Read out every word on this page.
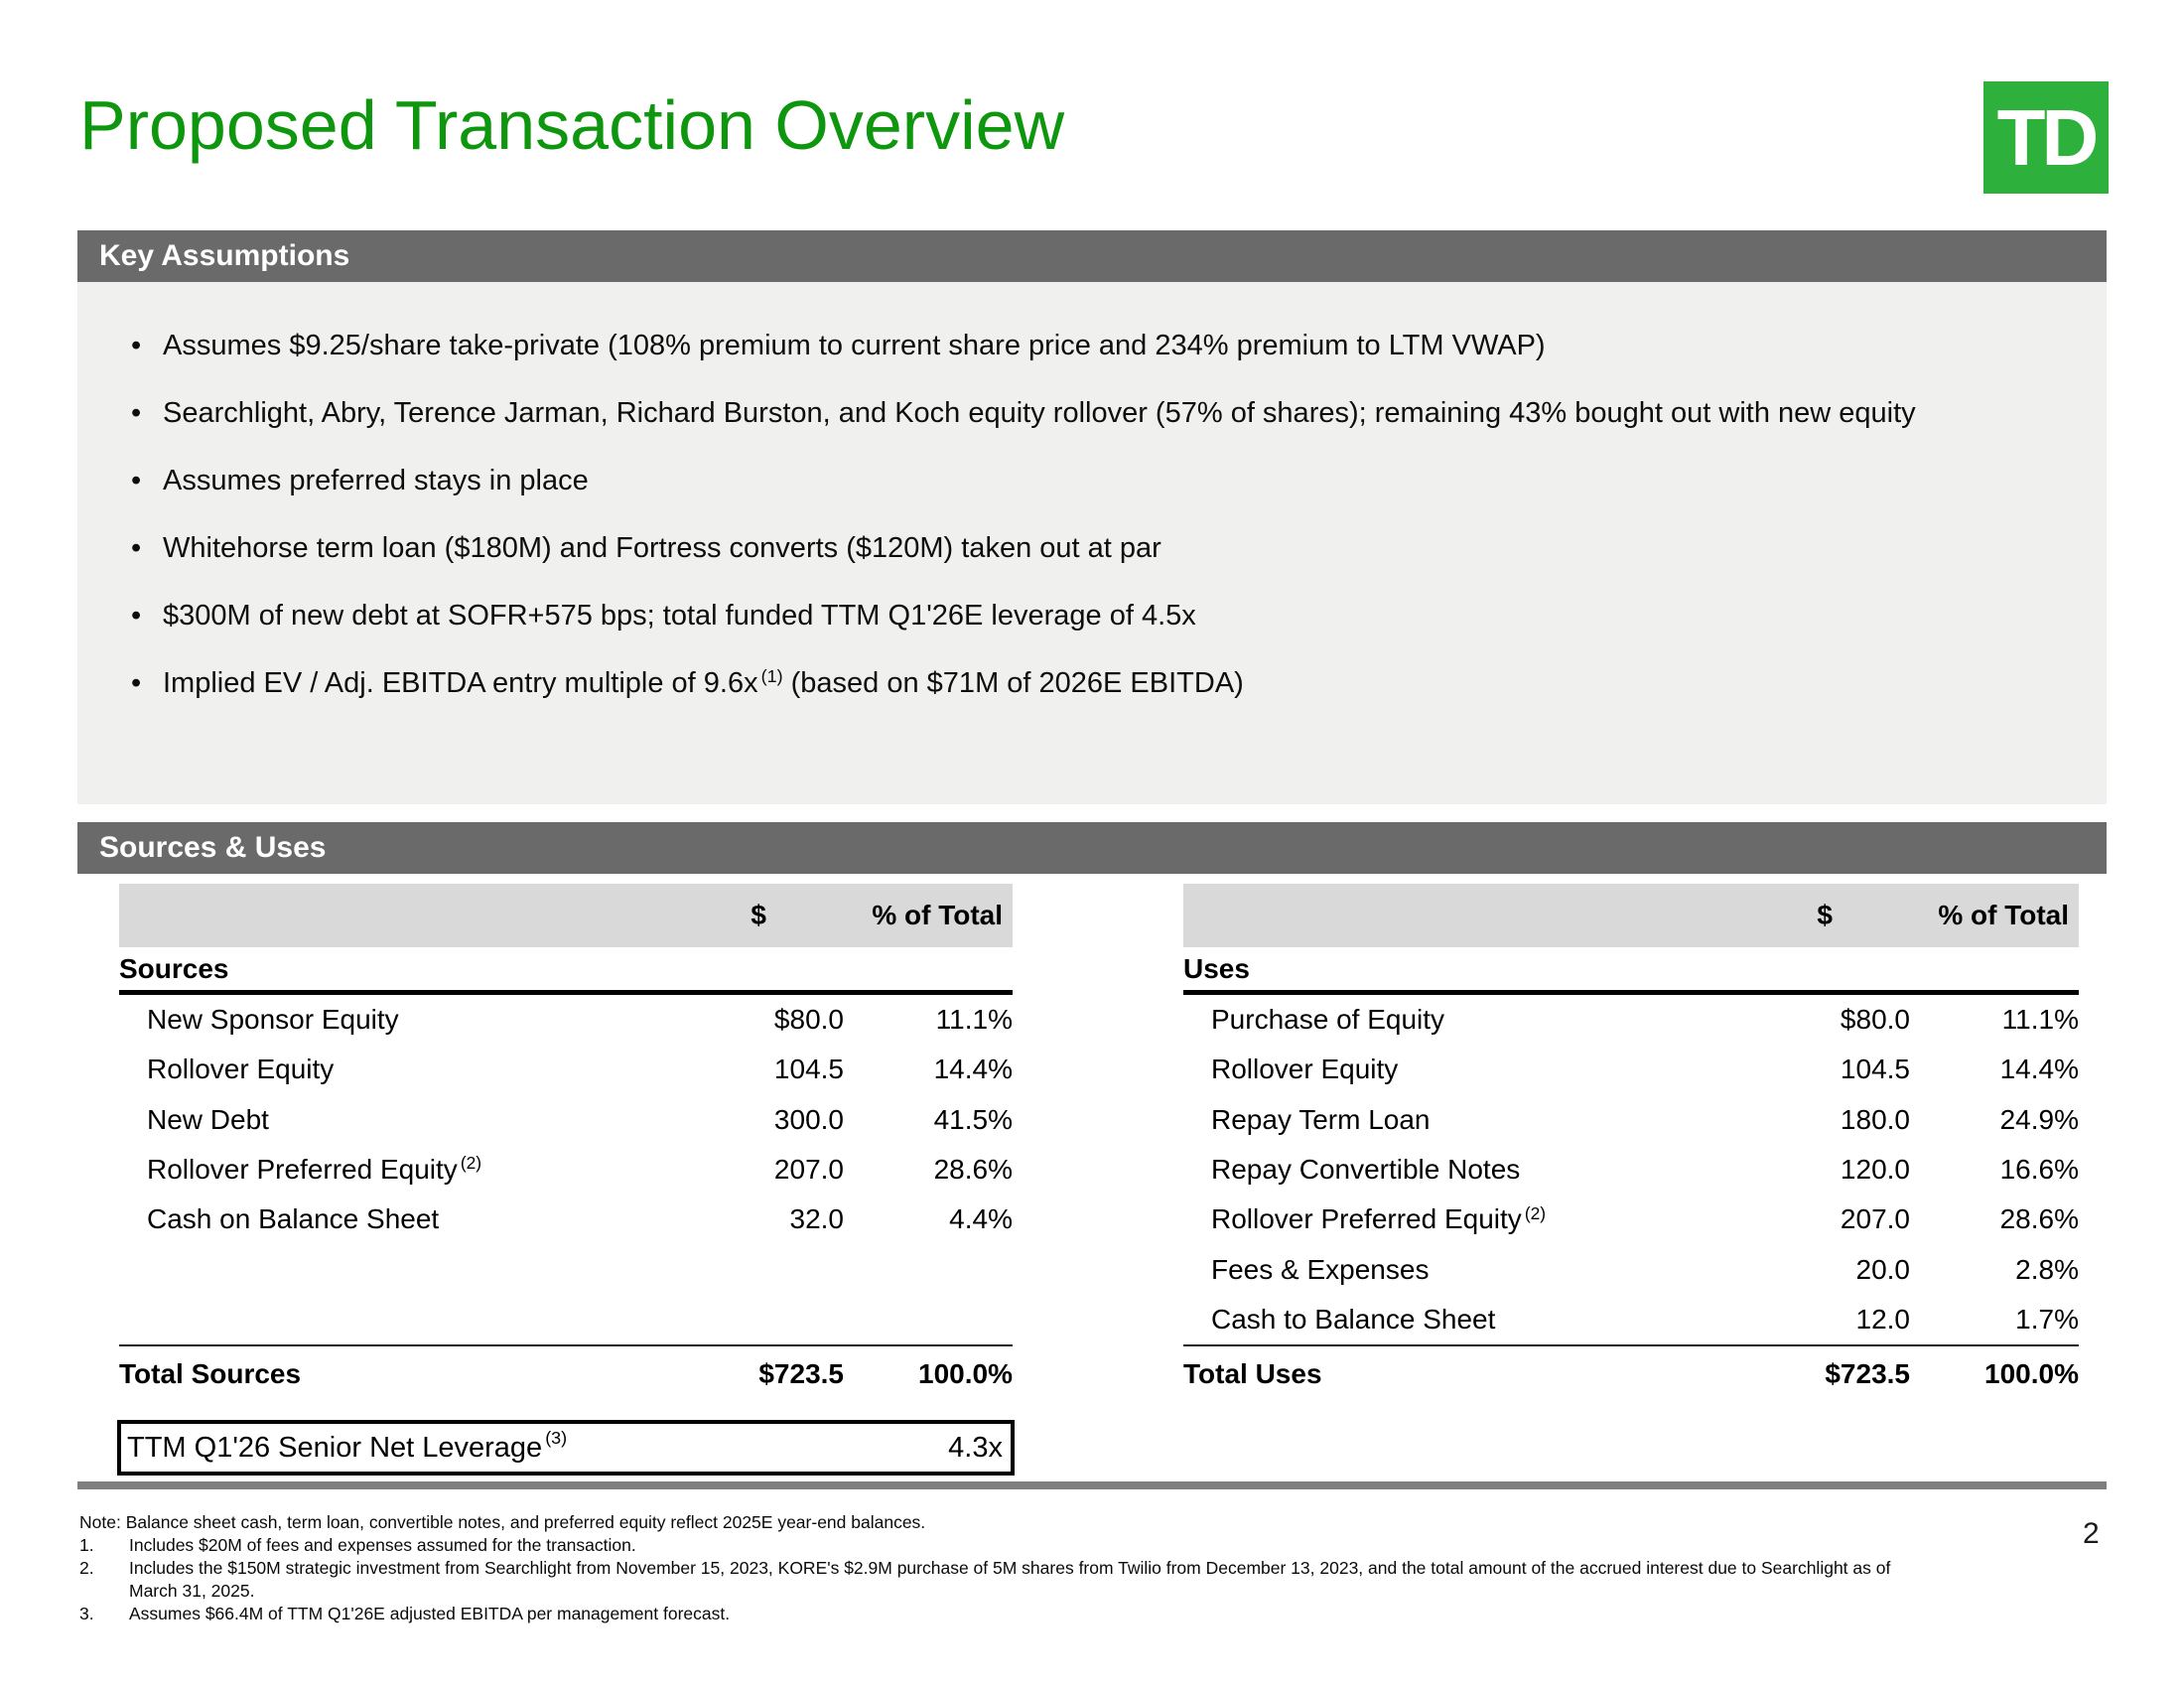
Proposed Transaction Overview	TD
Key Assumptions
• Assumes $9.25/share take-private (108% premium to current share price and 234% premium to LTM VWAP)
• Searchlight, Abry, Terence Jarman, Richard Burston, and Koch equity rollover (57% of shares); remaining 43% bought out with new equity
• Assumes preferred stays in place
• Whitehorse term loan ($180M) and Fortress converts ($120M) taken out at par
• $300M of new debt at SOFR+575 bps; total funded TTM Q1'26E leverage of 4.5x
• Implied EV / Adj. EBITDA entry multiple of 9.6x $^{(1)}$ (based on $71M of 2026E EBITDA)
Sources & Uses
$	% of Total
Sources
New Sponsor Equity	$80.0	11.1%
Rollover Equity	104.5	14.4%
New Debt	300.0	41.5%
Rollover Preferred Equity $^{(2)}$	207.0	28.6%
Cash on Balance Sheet	32.0	4.4%
Total Sources	$723.5	100.0%
$	% of Total
Uses
Purchase of Equity	$80.0	11.1%
Rollover Equity	104.5	14.4%
Repay Term Loan	180.0	24.9%
Repay Convertible Notes	120.0	16.6%
Rollover Preferred Equity $^{(2)}$	207.0	28.6%
Fees & Expenses	20.0	2.8%
Cash to Balance Sheet	12.0	1.7%
Total Uses	$723.5	100.0%
TTM Q1'26 Senior Net Leverage (3)	4.3x
Note: Balance sheet cash, term loan, convertible notes, and preferred equity reflect 2025E year-end balances.
1.	Includes $20M of fees and expenses assumed for the transaction.
2.	Includes the $150M strategic investment from Searchlight from November 15, 2023, KORE's $2.9M purchase of 5M shares from Twilio from December 13, 2023, and the total amount of the accrued interest due to Searchlight as of March 31, 2025.
3.	Assumes $66.4M of TTM Q1'26E adjusted EBITDA per management forecast.
2
